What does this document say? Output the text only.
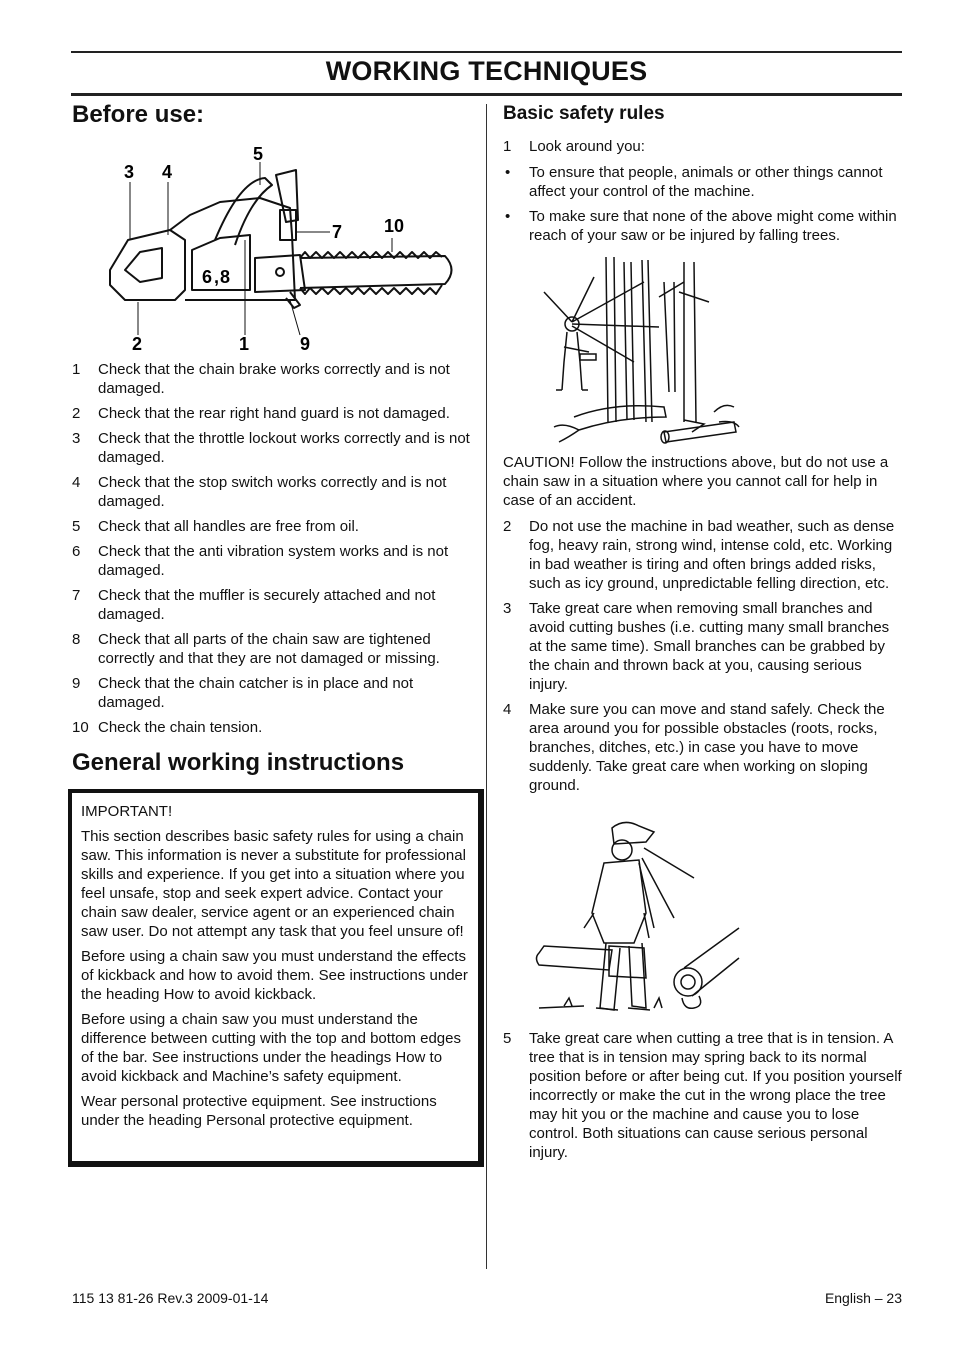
WORKING TECHNIQUES
Before use:
3 4
5
7 10
6 , 8
2	1	9
1 Check that the chain brake works correctly and is not damaged.
2 Check that the rear right hand guard is not damaged.
3 Check that the throttle lockout works correctly and is not damaged.
4 Check that the stop switch works correctly and is not damaged.
5 Check that all handles are free from oil.
6 Check that the anti vibration system works and is not damaged.
7 Check that the muffler is securely attached and not damaged.
8 Check that all parts of the chain saw are tightened correctly and that they are not damaged or missing.
9 Check that the chain catcher is in place and not damaged.
10 Check the chain tension.
General working instructions

IMPORTANT!

This section describes basic safety rules for using a chain saw. This information is never a substitute for professional skills and experience. If you get into a situation where you feel unsafe, stop and seek expert advice. Contact your chain saw dealer, service agent or an experienced chain saw user. Do not attempt any task that you feel unsure of!

Before using a chain saw you must understand the effects of kickback and how to avoid them. See instructions under the heading How to avoid kickback.

Before using a chain saw you must understand the difference between cutting with the top and bottom edges of the bar. See instructions under the headings How to avoid kickback and Machine’s safety equipment.

Wear personal protective equipment. See instructions under the heading Personal protective equipment.

Basic safety rules
1 Look around you:
• To ensure that people, animals or other things cannot affect your control of the machine.
• To make sure that none of the above might come within reach of your saw or be injured by falling trees.

CAUTION! Follow the instructions above, but do not use a chain saw in a situation where you cannot call for help in case of an accident.

2 Do not use the machine in bad weather, such as dense fog, heavy rain, strong wind, intense cold, etc. Working in bad weather is tiring and often brings added risks, such as icy ground, unpredictable felling direction, etc.
3 Take great care when removing small branches and avoid cutting bushes (i.e. cutting many small branches at the same time). Small branches can be grabbed by the chain and thrown back at you, causing serious injury.
4 Make sure you can move and stand safely. Check the area around you for possible obstacles (roots, rocks, branches, ditches, etc.) in case you have to move suddenly. Take great care when working on sloping ground.
5 Take great care when cutting a tree that is in tension. A tree that is in tension may spring back to its normal position before or after being cut. If you position yourself incorrectly or make the cut in the wrong place the tree may hit you or the machine and cause you to lose control. Both situations can cause serious personal injury.
115 13 81-26 Rev.3 2009-01-14	English – 23
